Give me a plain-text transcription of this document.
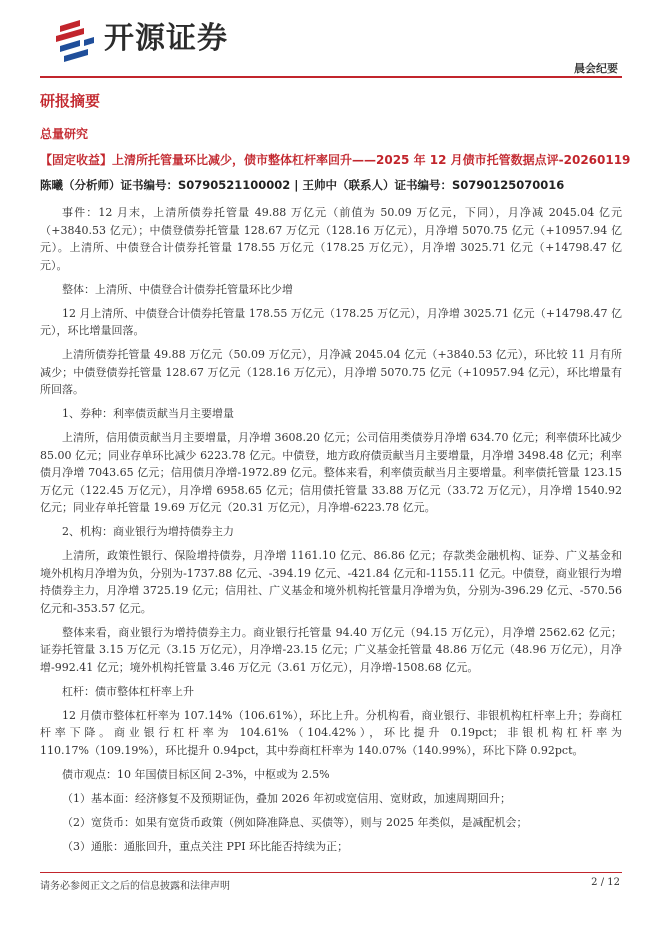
开源证券
晨会纪要
研报摘要
总量研究
【固定收益】上清所托管量环比减少，债市整体杠杆率回升——2025 年 12 月债市托管数据点评-20260119
陈曦（分析师）证书编号：S0790521100002 | 王帅中（联系人）证书编号：S0790125070016

事件：12 月末，上清所债券托管量 49.88 万亿元（前值为 50.09 万亿元，下同），月净减 2045.04 亿元（+3840.53 亿元）；中债登债券托管量 128.67 万亿元（128.16 万亿元），月净增 5070.75 亿元（+10957.94 亿元）。上清所、中债登合计债券托管量 178.55 万亿元（178.25 万亿元），月净增 3025.71 亿元（+14798.47 亿元）。

整体：上清所、中债登合计债券托管量环比少增

12 月上清所、中债登合计债券托管量 178.55 万亿元（178.25 万亿元），月净增 3025.71 亿元（+14798.47 亿元），环比增量回落。

上清所债券托管量 49.88 万亿元（50.09 万亿元），月净减 2045.04 亿元（+3840.53 亿元），环比较 11 月有所减少；中债登债券托管量 128.67 万亿元（128.16 万亿元），月净增 5070.75 亿元（+10957.94 亿元），环比增量有所回落。

1、券种：利率债贡献当月主要增量

上清所，信用债贡献当月主要增量，月净增 3608.20 亿元；公司信用类债券月净增 634.70 亿元；利率债环比减少 85.00 亿元；同业存单环比减少 6223.78 亿元。中债登，地方政府债贡献当月主要增量，月净增 3498.48 亿元；利率债月净增 7043.65 亿元；信用债月净增-1972.89 亿元。整体来看，利率债贡献当月主要增量。利率债托管量 123.15 万亿元（122.45 万亿元），月净增 6958.65 亿元；信用债托管量 33.88 万亿元（33.72 万亿元），月净增 1540.92 亿元；同业存单托管量 19.69 万亿元（20.31 万亿元），月净增-6223.78 亿元。

2、机构：商业银行为增持债券主力

上清所，政策性银行、保险增持债券，月净增 1161.10 亿元、86.86 亿元；存款类金融机构、证券、广义基金和境外机构月净增为负，分别为-1737.88 亿元、-394.19 亿元、-421.84 亿元和-1155.11 亿元。中债登，商业银行为增持债券主力，月净增 3725.19 亿元；信用社、广义基金和境外机构托管量月净增为负，分别为-396.29 亿元、-570.56 亿元和-353.57 亿元。

整体来看，商业银行为增持债券主力。商业银行托管量 94.40 万亿元（94.15 万亿元），月净增 2562.62 亿元；证券托管量 3.15 万亿元（3.15 万亿元），月净增-23.15 亿元；广义基金托管量 48.86 万亿元（48.96 万亿元），月净增-992.41 亿元；境外机构托管量 3.46 万亿元（3.61 万亿元），月净增-1508.68 亿元。

杠杆：债市整体杠杆率上升

12 月债市整体杠杆率为 107.14%（106.61%），环比上升。分机构看，商业银行、非银机构杠杆率上升；券商杠杆率下降。商业银行杠杆率为 104.61%（104.42%），环比提升 0.19pct；非银机构杠杆率为 110.17%（109.19%），环比提升 0.94pct，其中券商杠杆率为 140.07%（140.99%），环比下降 0.92pct。

债市观点：10 年国债目标区间 2-3%，中枢或为 2.5%

（1）基本面：经济修复不及预期证伪，叠加 2026 年初或宽信用、宽财政，加速周期回升；

（2）宽货币：如果有宽货币政策（例如降准降息、买债等），则与 2025 年类似，是减配机会；

（3）通胀：通胀回升，重点关注 PPI 环比能否持续为正；

请务必参阅正文之后的信息披露和法律声明	2 / 12
